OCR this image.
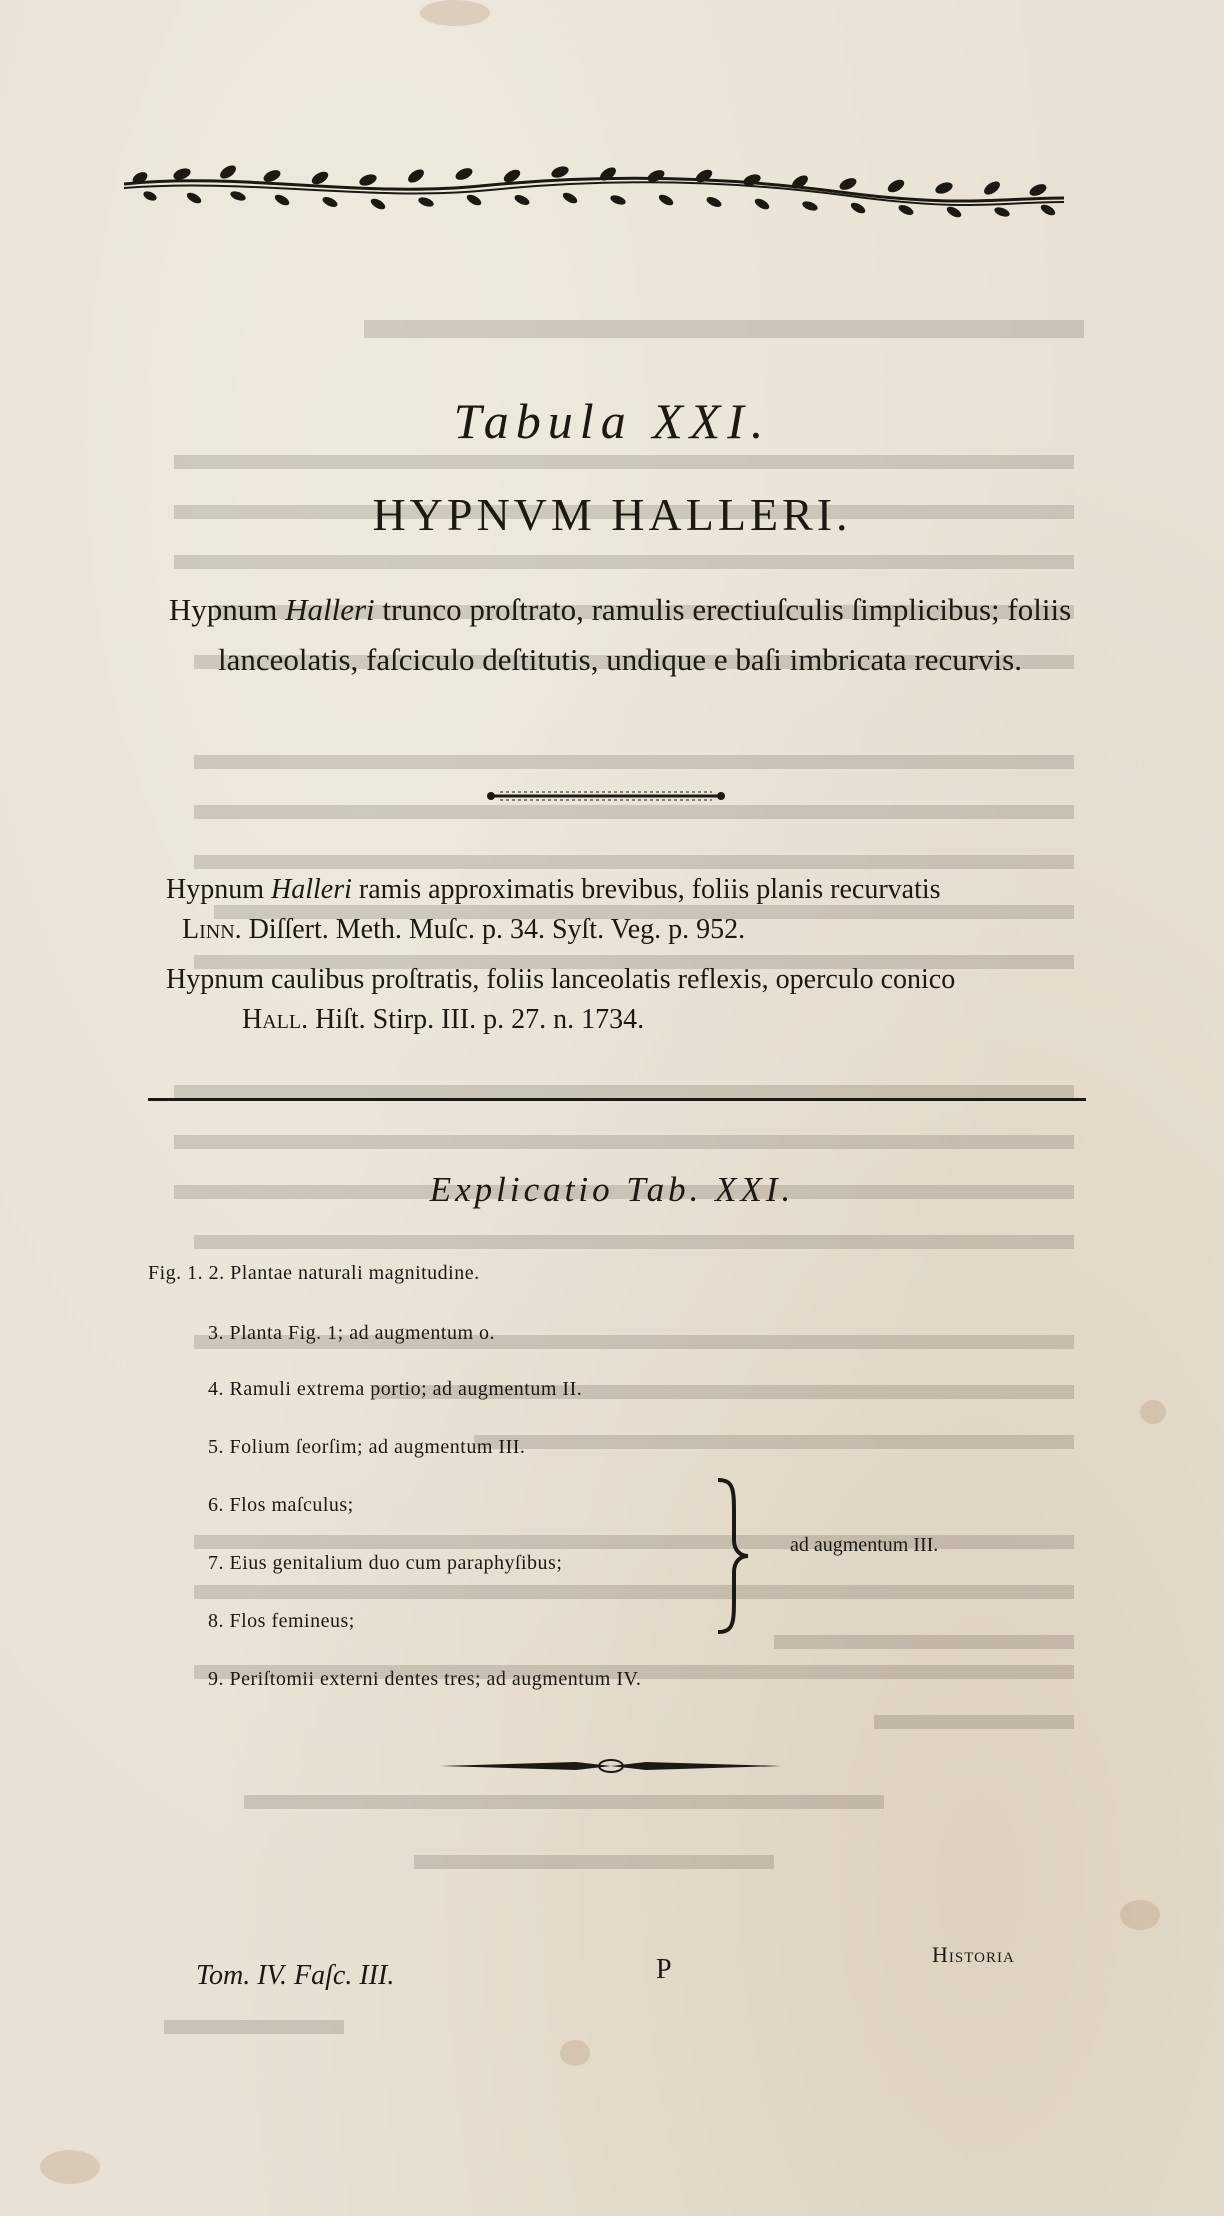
Tabula XXI.
HYPNVM HALLERI.
Hypnum Halleri trunco proſtrato, ramulis erectiuſculis ſimplicibus; foliis lanceolatis, faſciculo deſtitutis, undique e baſi imbricata recurvis.
Hypnum Halleri ramis approximatis brevibus, foliis planis recurvatis
Linn. Diſſert. Meth. Muſc. p. 34. Syſt. Veg. p. 952.
Hypnum caulibus proſtratis, foliis lanceolatis reflexis, operculo conico
Hall. Hiſt. Stirp. III. p. 27. n. 1734.
Explicatio Tab. XXI.
Fig. 1. 2. Plantae naturali magnitudine.
3. Planta Fig. 1; ad augmentum o.
4. Ramuli extrema portio; ad augmentum II.
5. Folium ſeorſim; ad augmentum III.
6. Flos maſculus;
7. Eius genitalium duo cum paraphyſibus;
8. Flos femineus;
9. Periſtomii externi dentes tres; ad augmentum IV.
ad augmentum III.
Tom. IV. Faſc. III.	P	Historia
